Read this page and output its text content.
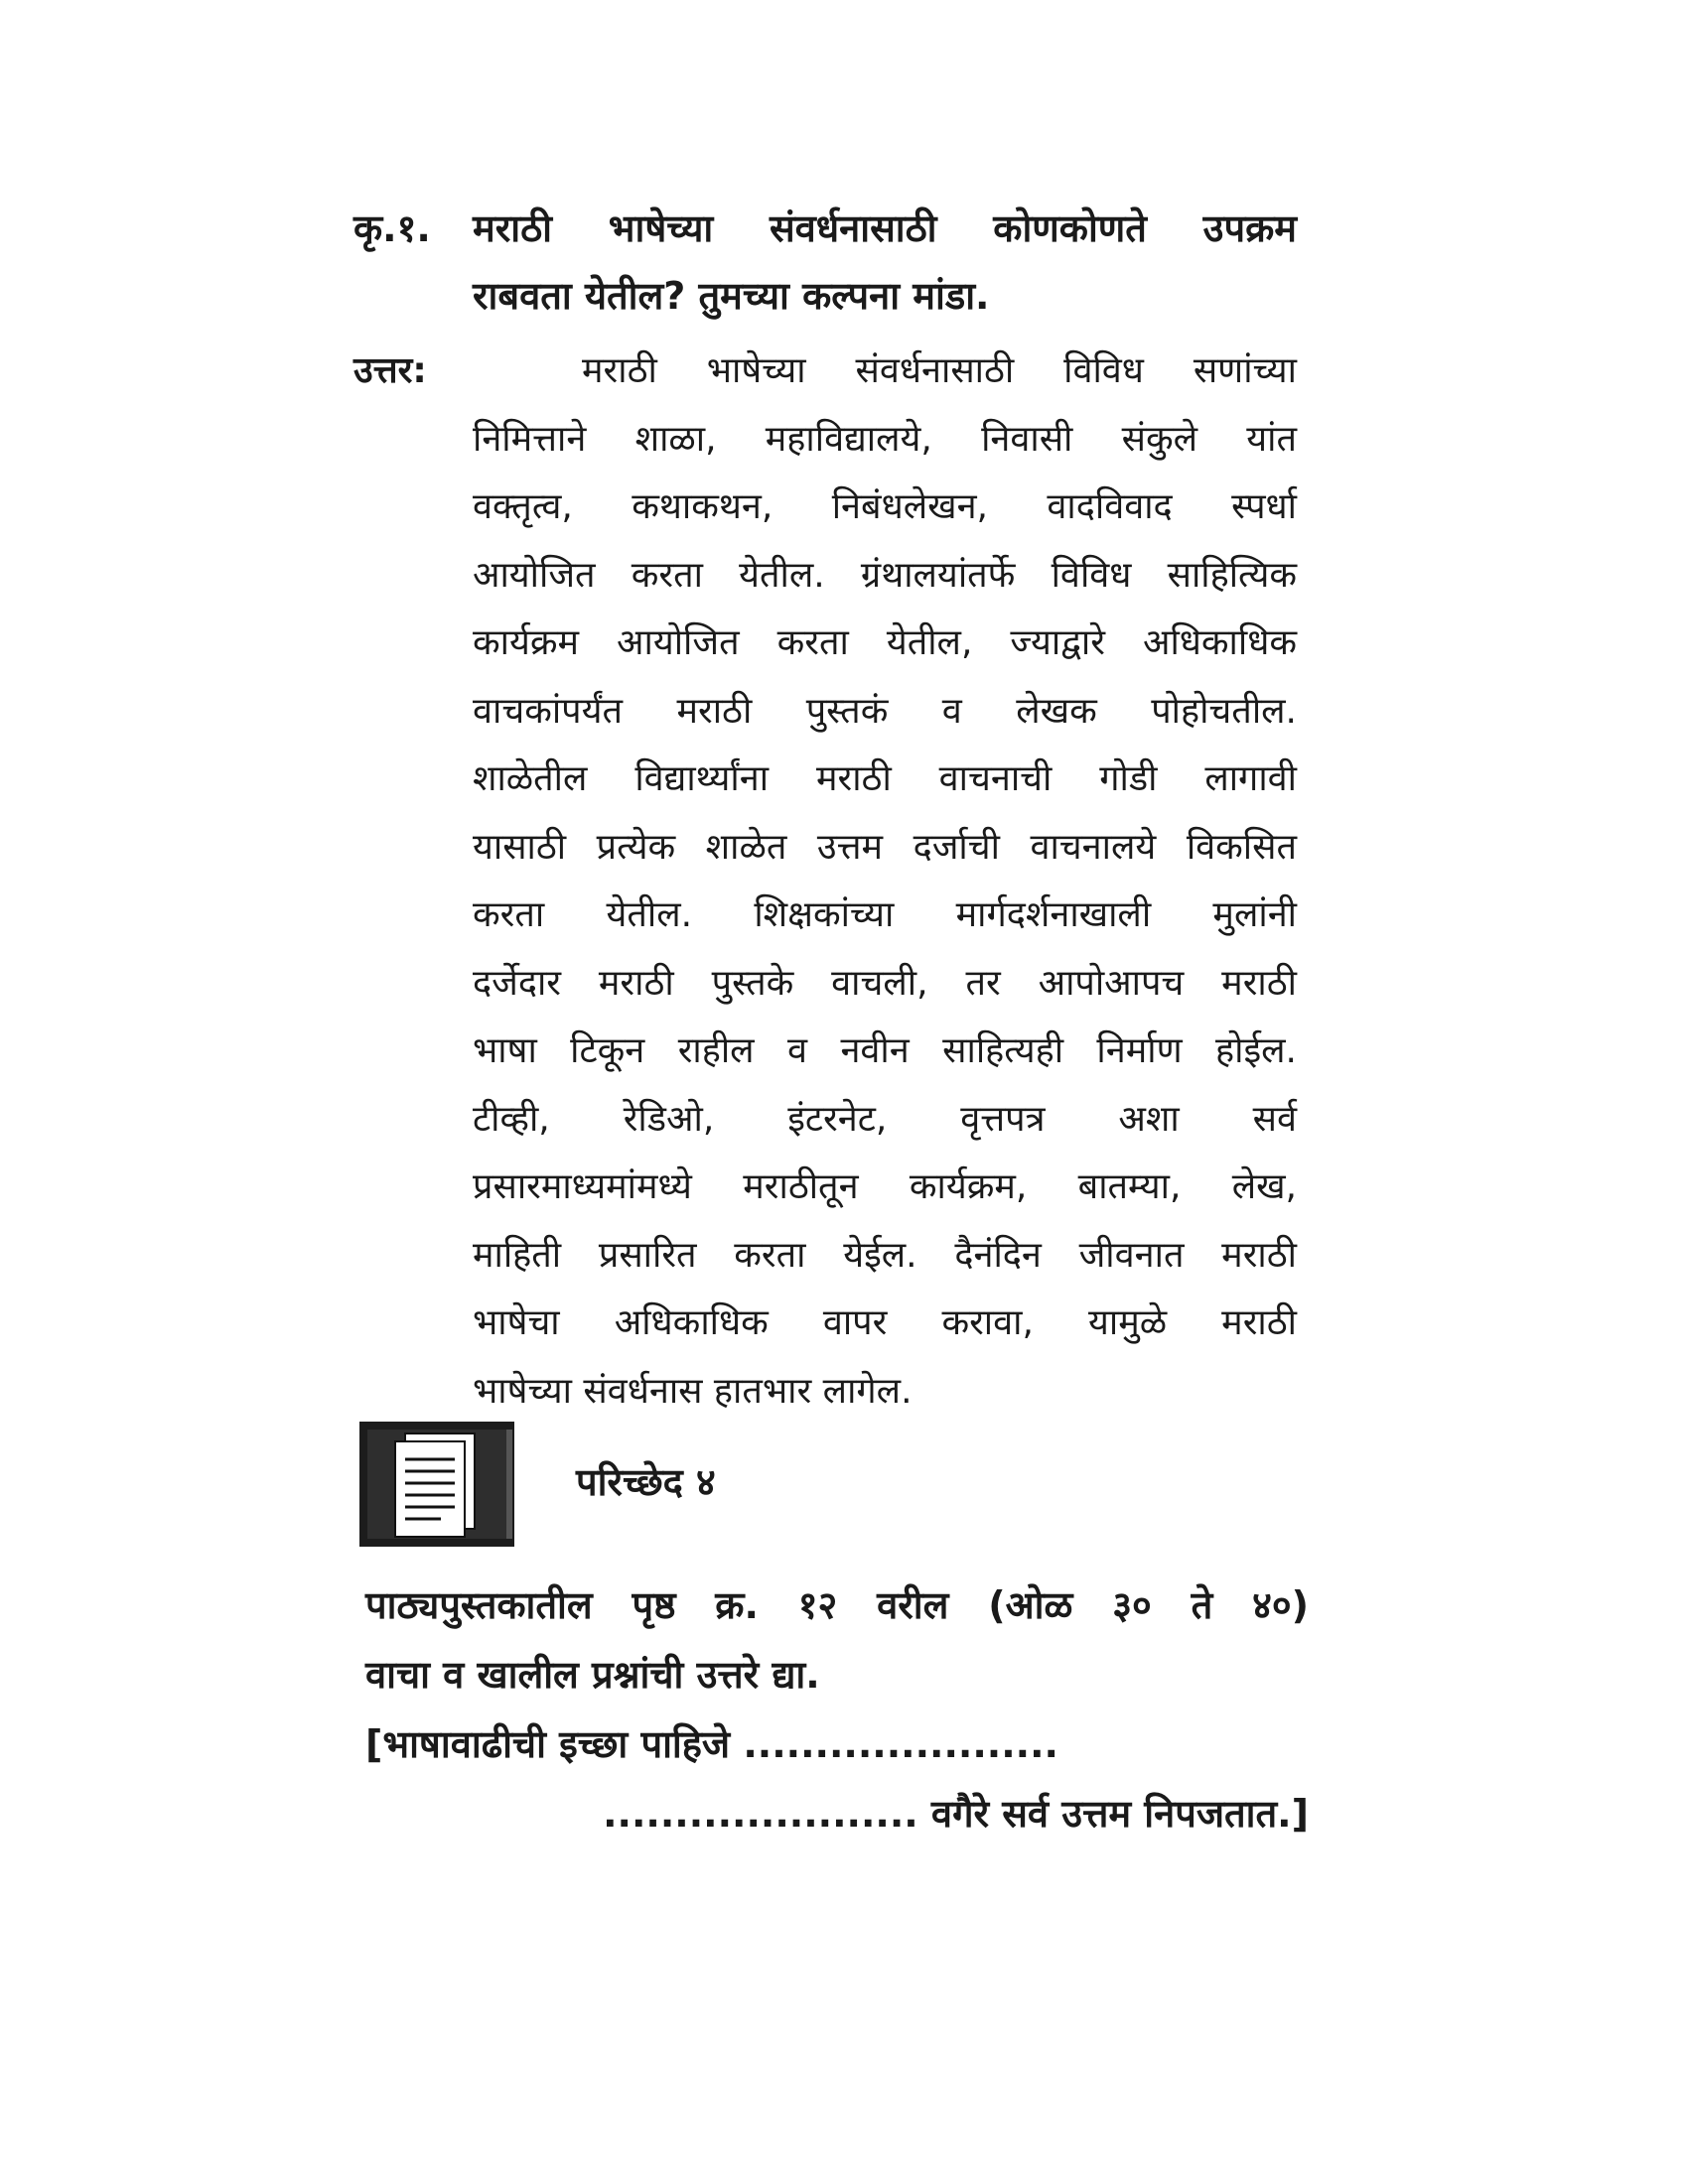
कृ.१.	मराठी भाषेच्या संवर्धनासाठी कोणकोणते उपक्रम
राबवता येतील? तुमच्या कल्पना मांडा.
उत्तर:	मराठी भाषेच्या संवर्धनासाठी विविध सणांच्या
निमित्ताने शाळा, महाविद्यालये, निवासी संकुले यांत
वक्तृत्व, कथाकथन, निबंधलेखन, वादविवाद स्पर्धा
आयोजित करता येतील. ग्रंथालयांतर्फे विविध साहित्यिक
कार्यक्रम आयोजित करता येतील, ज्याद्वारे अधिकाधिक
वाचकांपर्यंत मराठी पुस्तकं व लेखक पोहोचतील.
शाळेतील विद्यार्थ्यांना मराठी वाचनाची गोडी लागावी
यासाठी प्रत्येक शाळेत उत्तम दर्जाची वाचनालये विकसित
करता येतील. शिक्षकांच्या मार्गदर्शनाखाली मुलांनी
दर्जेदार मराठी पुस्तके वाचली, तर आपोआपच मराठी
भाषा टिकून राहील व नवीन साहित्यही निर्माण होईल.
टीव्ही, रेडिओ, इंटरनेट, वृत्तपत्र अशा सर्व
प्रसारमाध्यमांमध्ये मराठीतून कार्यक्रम, बातम्या, लेख,
माहिती प्रसारित करता येईल. दैनंदिन जीवनात मराठी
भाषेचा अधिकाधिक वापर करावा, यामुळे मराठी
भाषेच्या संवर्धनास हातभार लागेल.
परिच्छेद ४
पाठ्यपुस्तकातील पृष्ठ क्र. १२ वरील (ओळ ३० ते ४०)
वाचा व खालील प्रश्नांची उत्तरे द्या.
[भाषावाढीची इच्छा पाहिजे ......................
...................... वगैरे सर्व उत्तम निपजतात.]
